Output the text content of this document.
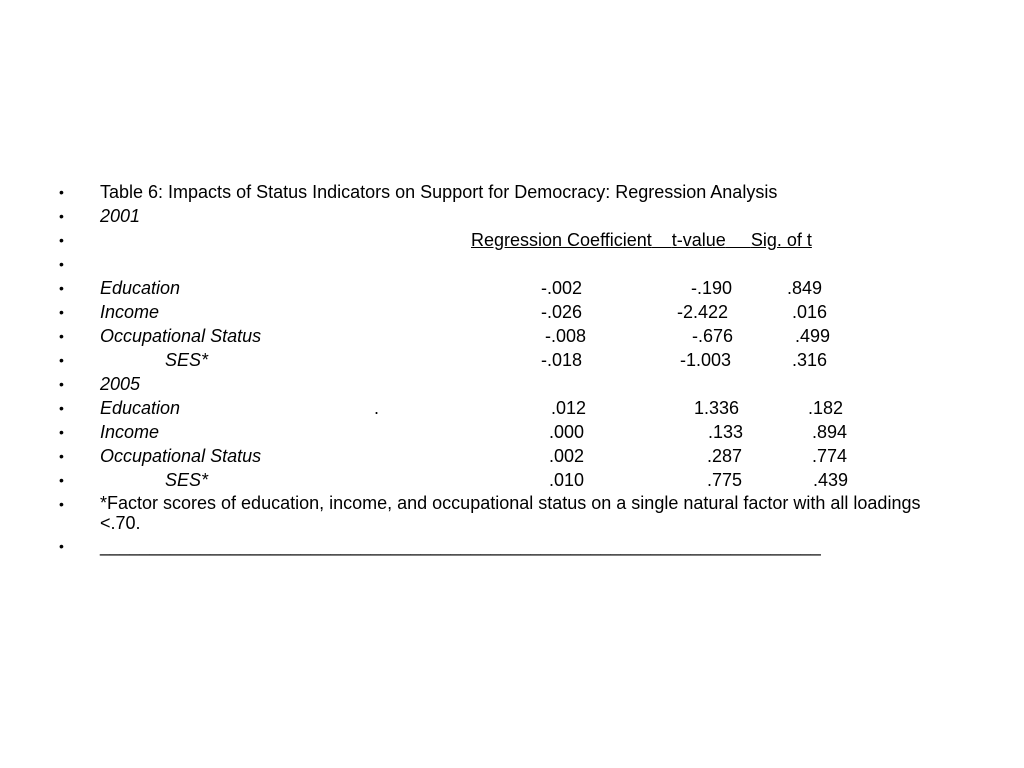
• Table 6: Impacts of Status Indicators on Support for Democracy: Regression Analysis
• 2001
•	Regression Coefficient t-value Sig. of t
•
• Education	-.002	-.190	.849
• Income	-.026	-2.422	.016
• Occupational Status	-.008	-.676	.499
•	SES*	-.018	-1.003	.316
• 2005
• Education	.	.012	1.336	.182
• Income	.000	.133	.894
• Occupational Status	.002	.287	.774
•	SES*	.010	.775	.439
• *Factor scores of education, income, and occupational status on a single natural factor with all loadings <.70.
• ________________________________________________________________________
